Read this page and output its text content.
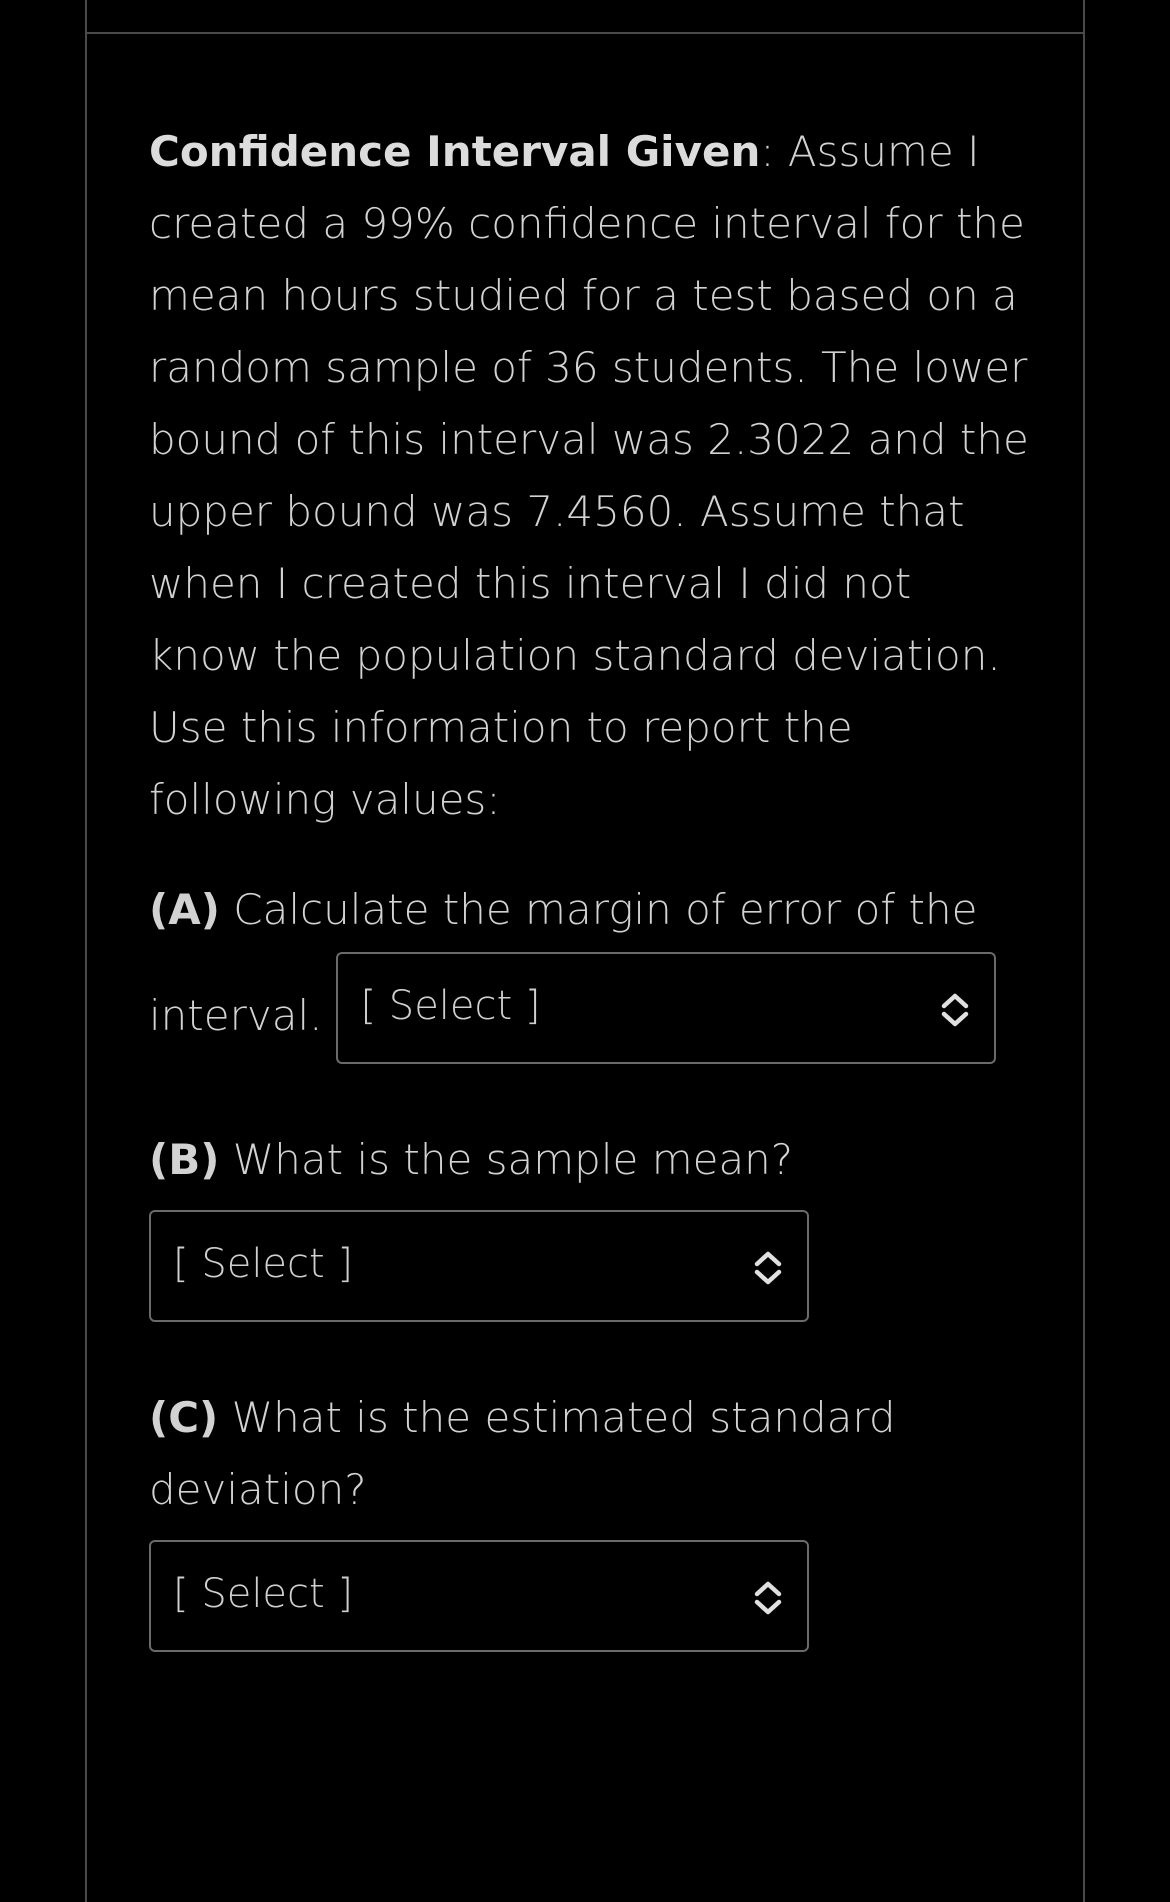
Confidence Interval Given: Assume I created a 99% confidence interval for the mean hours studied for a test based on a random sample of 36 students. The lower bound of this interval was 2.3022 and the upper bound was 7.4560. Assume that when I created this interval I did not know the population standard deviation. Use this information to report the following values:

(A) Calculate the margin of error of the

interval. [ Select ]

(B) What is the sample mean?

[ Select ]

(C) What is the estimated standard deviation?

[ Select ]
